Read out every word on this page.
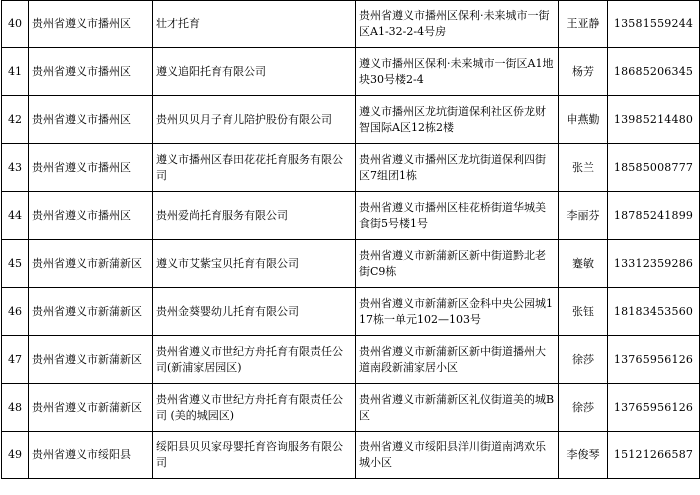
40	贵州省遵义市播州区	壮才托育	贵州省遵义市播州区保利·未来城市一街区A1-32-2-4号房	王亚静	13581559244
41	贵州省遵义市播州区	遵义追阳托育有限公司	遵义市播州区保利·未来城市一街区A1地块30号楼2-4	杨芳	18685206345
42	贵州省遵义市播州区	贵州贝贝月子育儿陪护股份有限公司	遵义市播州区龙坑街道保利社区侨龙财智国际A区12栋2楼	申燕勤	13985214480
43	贵州省遵义市播州区	遵义市播州区春田花花托育服务有限公司	贵州省遵义市播州区龙坑街道保利四街区7组团1栋	张兰	18585008777
44	贵州省遵义市播州区	贵州爱尚托育服务有限公司	贵州省遵义市播州区桂花桥街道华城美食街5号楼1号	李丽芬	18785241899
45	贵州省遵义市新蒲新区	遵义市艾紫宝贝托育有限公司	贵州省遵义市新蒲新区新中街道黔北老街C9栋	蹇敏	13312359286
46	贵州省遵义市新蒲新区	贵州金葵婴幼儿托育有限公司	贵州省遵义市新蒲新区金科中央公园城117栋一单元102—103号	张钰	18183453560
47	贵州省遵义市新蒲新区	贵州省遵义市世纪方舟托育有限责任公司(新浦家居园区)	贵州省遵义市新蒲新区新中街道播州大道南段新浦家居小区	徐莎	13765956126
48	贵州省遵义市新蒲新区	贵州省遵义市世纪方舟托育有限责任公司 (美的城园区)	贵州省遵义市新蒲新区礼仪街道美的城B区	徐莎	13765956126
49	贵州省遵义市绥阳县	绥阳县贝贝家母婴托育咨询服务有限公司	贵州省遵义市绥阳县洋川街道南鸿欢乐城小区	李俊琴	15121266587
